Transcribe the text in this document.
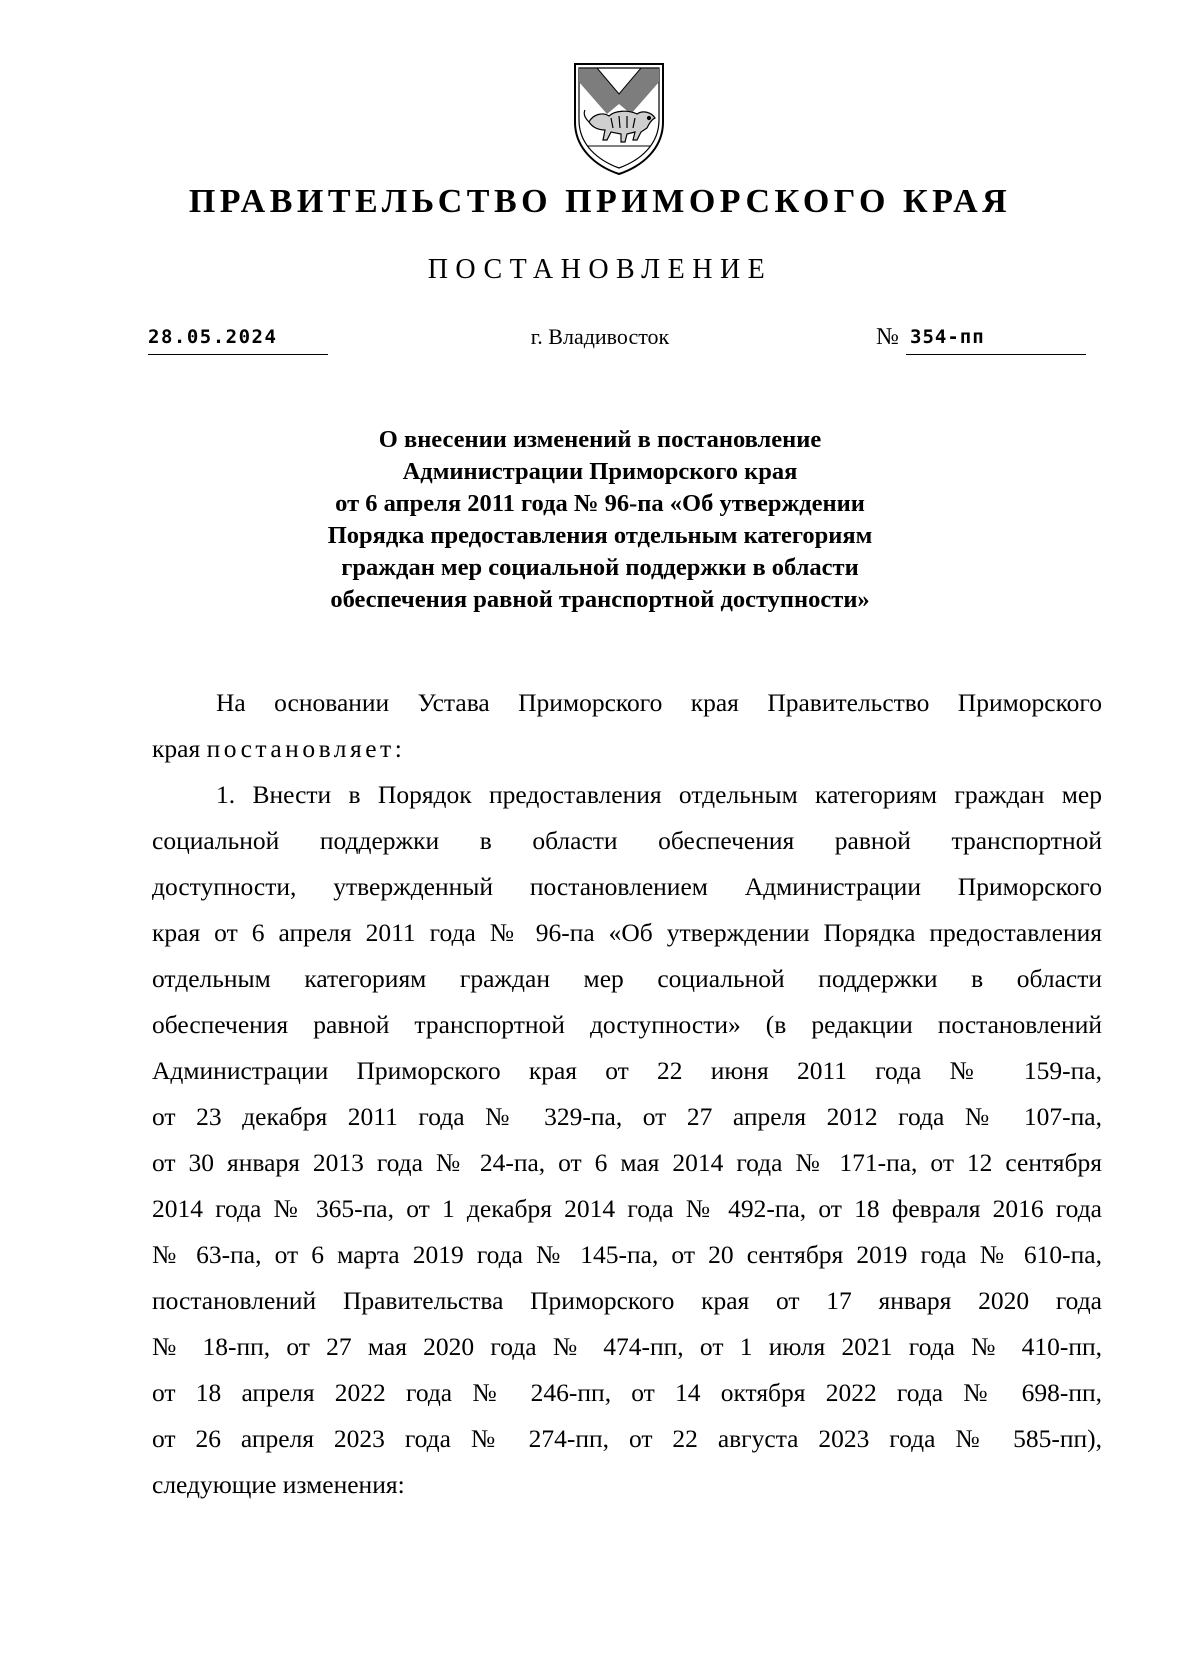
ПРАВИТЕЛЬСТВО ПРИМОРСКОГО КРАЯ
ПОСТАНОВЛЕНИЕ
28.05.2024	г. Владивосток	№ 354-пп
О внесении изменений в постановление
Администрации Приморского края
от 6 апреля 2011 года № 96-па «Об утверждении
Порядка предоставления отдельным категориям
граждан мер социальной поддержки в области
обеспечения равной транспортной доступности»
На основании Устава Приморского края Правительство Приморского
края постановляет:
1. Внести в Порядок предоставления отдельным категориям граждан мер
социальной поддержки в области обеспечения равной транспортной
доступности, утвержденный постановлением Администрации Приморского
края от 6 апреля 2011 года № 96-па «Об утверждении Порядка предоставления
отдельным категориям граждан мер социальной поддержки в области
обеспечения равной транспортной доступности» (в редакции постановлений
Администрации Приморского края от 22 июня 2011 года № 159-па,
от 23 декабря 2011 года № 329-па, от 27 апреля 2012 года № 107-па,
от 30 января 2013 года № 24-па, от 6 мая 2014 года № 171-па, от 12 сентября
2014 года № 365-па, от 1 декабря 2014 года № 492-па, от 18 февраля 2016 года
№ 63-па, от 6 марта 2019 года № 145-па, от 20 сентября 2019 года № 610-па,
постановлений Правительства Приморского края от 17 января 2020 года
№ 18-пп, от 27 мая 2020 года № 474-пп, от 1 июля 2021 года № 410-пп,
от 18 апреля 2022 года № 246-пп, от 14 октября 2022 года № 698-пп,
от 26 апреля 2023 года № 274-пп, от 22 августа 2023 года № 585-пп),
следующие изменения:
